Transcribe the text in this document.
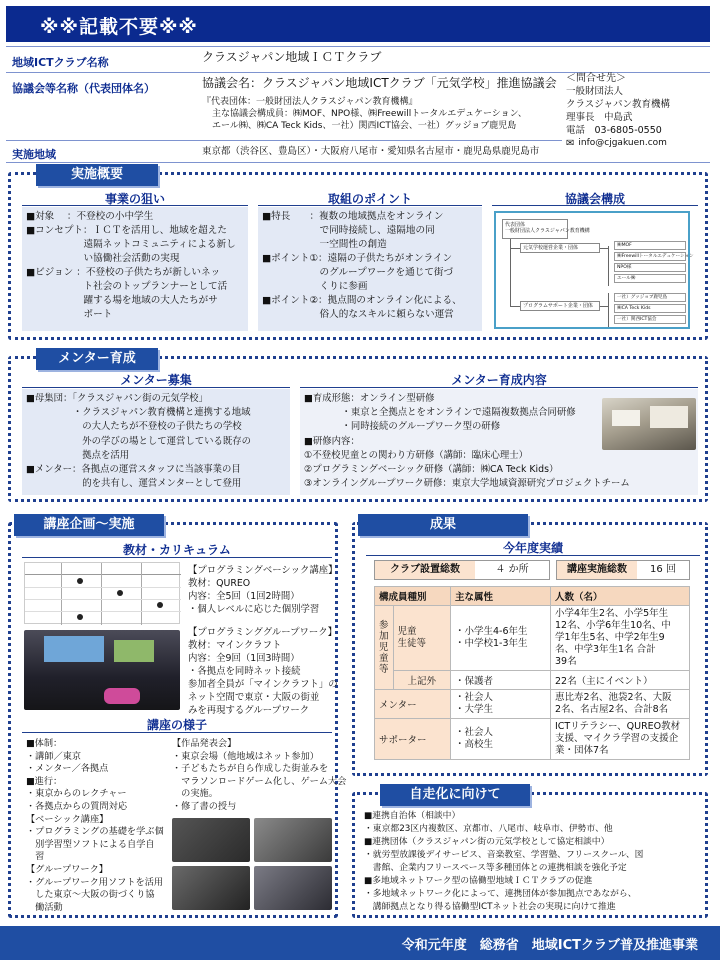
※※記載不要※※
地域ICTクラブ名称	クラスジャパン地域ＩＣＴクラブ
協議会等名称（代表団体名）	協議会名：クラスジャパン地域ICTクラブ「元気学校」推進協議会
『代表団体：一般財団法人クラスジャパン教育機構』
主な協議会構成員：㈱MOF、NPO様、㈱Freewillトータルエデュケーション、
エール㈱、㈱CA Teck Kids、一社）関西ICT協会、一社）グッジョブ鹿児島
＜問合せ先＞
一般財団法人
クラスジャパン教育機構
理事長　中島武
電話　03-6805-0550
✉ info@cjgakuen.com
実施地域	東京都（渋谷区、豊島区）・大阪府八尾市・愛知県名古屋市・鹿児島県鹿児島市
実施概要
事業の狙い
■対象　 ：不登校の小中学生
■コンセプト：ＩＣＴを活用し、地域を超えた
　　　　　　遠隔ネットコミュニティによる新し
　　　　　　い協働社会活動の実現
■ビジョン ：不登校の子供たちが新しいネッ
　　　　　　ト社会のトップランナーとして活
　　　　　　躍する場を地域の大人たちがサ
　　　　　　ポート
取組のポイント
■特長　　：複数の地域拠点をオンライン
　　　　　　で同時接続し、遠隔地の同
　　　　　　一空間性の創造
■ポイント①：遠隔の子供たちがオンライン
　　　　　　のグループワークを通じて街づ
　　　　　　くりに参画
■ポイント②：拠点間のオンライン化による、
　　　　　　俗人的なスキルに頼らない運営
協議会構成
代表団体
一般財団法人クラスジャパン教育機構
元気学校運営企業・団体
プログラムサポート企業・団体
㈱MOF
㈱Freewillトータルエデュケーション
NPO様
エール㈱
一社）グッジョブ鹿児島
㈱CA Teck Kids
一社）関西ICT協会
メンター育成
メンター募集
■母集団：「クラスジャパン街の元気学校」
　　　　　・クラスジャパン教育機構と連携する地域
　　　　　　の大人たちが不登校の子供たちの学校
　　　　　　外の学びの場として運営している既存の
　　　　　　拠点を活用
■メンター：各拠点の運営スタッフに当該事業の目
　　　　　　的を共有し、運営メンターとして登用
メンター育成内容
■育成形態：オンライン型研修
　　　　・東京と全拠点とをオンラインで遠隔複数拠点合同研修
　　　　・同時接続のグループワーク型の研修
■研修内容：
①不登校児童との関わり方研修（講師：臨床心理士）
②プログラミングベーシック研修（講師：㈱CA Teck Kids）
③オンライングループワーク研修：東京大学地域資源研究プロジェクトチーム
講座企画～実施
教材・カリキュラム
【プログラミングベーシック講座】
教材：QUREO
内容：全5回（1回2時間）
・個人レベルに応じた個別学習
【プログラミンググループワーク】
教材：マインクラフト
内容：全9回（1回3時間）
・各拠点を同時ネット接続
参加者全員が「マインクラフト」の
ネット空間で東京・大阪の街並
みを再現するグループワーク
講座の様子
■体制：
・講師／東京
・メンター／各拠点
■進行：
・東京からのレクチャー
・各拠点からの質問対応
【ベーシック講座】
・プログラミングの基礎を学ぶ個
　別学習型ソフトによる自学自
　習
【グループワーク】
・グループワーク用ソフトを活用
　した東京～大阪の街づくり協
　働活動
【作品発表会】
・東京会場（他地域はネット参加）
・子どもたちが自ら作成した街並みを
　マラソンロードゲーム化し、ゲーム大会
　の実施。
・修了書の授与
成果
今年度実績
クラブ設置総数	４ か所	講座実施総数	16 回
構成員種別		主な属性	人数（名）
参
加
児
童
等	児童
生徒等	・小学生4-6年生
・中学校1-3年生	小学4年生2名、小学5年生
12名、小学6年生10名、中
学1年生5名、中学2年生9
名、中学3年生1名 合計
39名
	上記外	・保護者	22名（主にイベント）
メンター		・社会人
・大学生	恵比寿2名、池袋2名、大阪
2名、名古屋2名、合計8名
サポーター		・社会人
・高校生	ICTリテラシー、QUREO教材
支援、マイクラ学習の支援企
業・団体7名
自走化に向けて
■連携自治体（相談中）
・東京都23区内複数区、京都市、八尾市、岐阜市、伊勢市、他
■連携団体（クラスジャパン街の元気学校として協定相談中）
・就労型放課後デイサービス、音楽教室、学習塾、フリースクール、図
　書館、企業内フリースペース等多種団体との連携相談を強化予定
■多地域ネットワーク型の協働型地域ＩＣＴクラブの促進
・多地域ネットワーク化によって、連携団体が参加拠点であながら、
　講師拠点となり得る協働型ICTネット社会の実現に向けて推進
令和元年度　総務省　地域ICTクラブ普及推進事業
